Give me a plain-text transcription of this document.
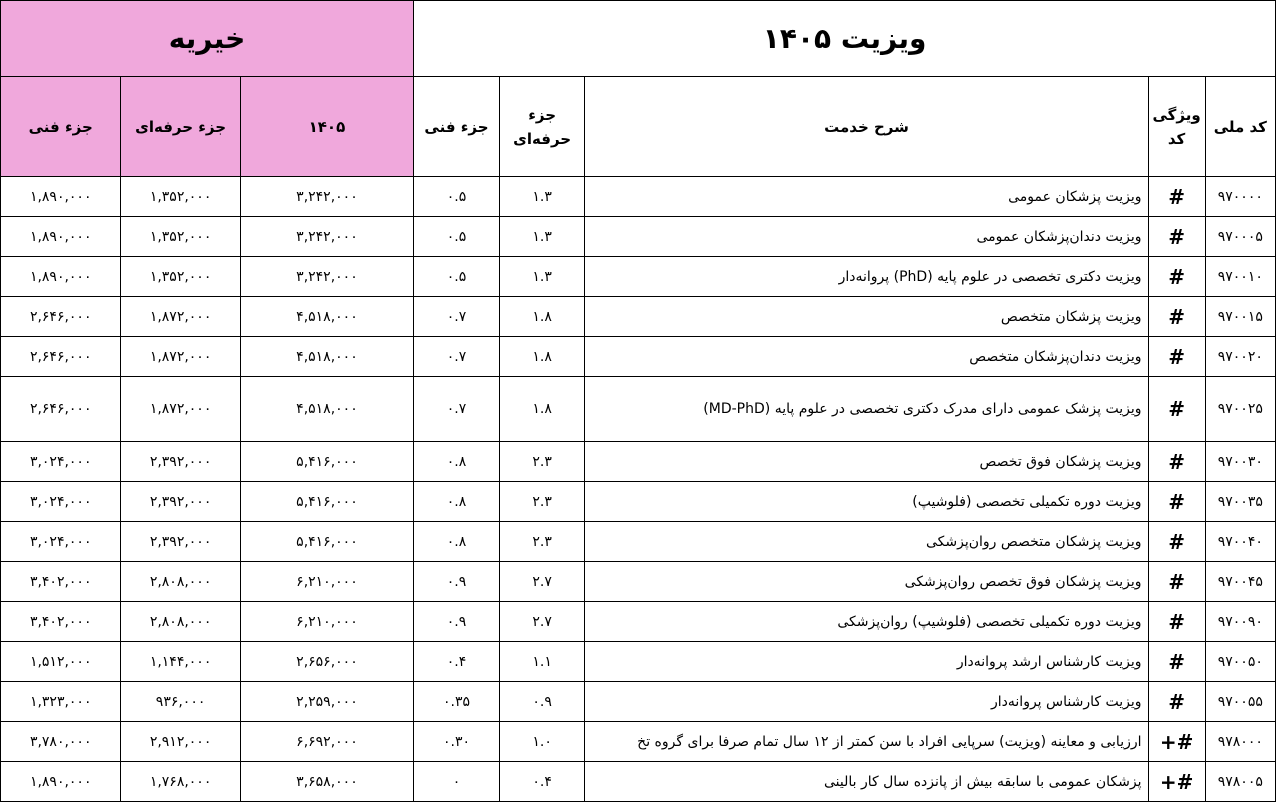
ویزیت ۱۴۰۵					خیریه		
کد ملی	ویژگی کد	شرح خدمت	جزء حرفه‌ای	جزء فنی	۱۴۰۵	جزء حرفه‌ای	جزء فنی
۹۷۰۰۰۰	#	ویزیت پزشکان عمومی	۱.۳	۰.۵	۳,۲۴۲,۰۰۰	۱,۳۵۲,۰۰۰	۱,۸۹۰,۰۰۰
۹۷۰۰۰۵	#	ویزیت دندان‌پزشکان عمومی	۱.۳	۰.۵	۳,۲۴۲,۰۰۰	۱,۳۵۲,۰۰۰	۱,۸۹۰,۰۰۰
۹۷۰۰۱۰	#	ویزیت دکتری تخصصی در علوم پایه (PhD) پروانه‌دار	۱.۳	۰.۵	۳,۲۴۲,۰۰۰	۱,۳۵۲,۰۰۰	۱,۸۹۰,۰۰۰
۹۷۰۰۱۵	#	ویزیت پزشکان متخصص	۱.۸	۰.۷	۴,۵۱۸,۰۰۰	۱,۸۷۲,۰۰۰	۲,۶۴۶,۰۰۰
۹۷۰۰۲۰	#	ویزیت دندان‌پزشکان متخصص	۱.۸	۰.۷	۴,۵۱۸,۰۰۰	۱,۸۷۲,۰۰۰	۲,۶۴۶,۰۰۰
۹۷۰۰۲۵	#	ویزیت پزشک عمومی دارای مدرک دکتری تخصصی در علوم پایه (MD-PhD)	۱.۸	۰.۷	۴,۵۱۸,۰۰۰	۱,۸۷۲,۰۰۰	۲,۶۴۶,۰۰۰
۹۷۰۰۳۰	#	ویزیت پزشکان فوق تخصص	۲.۳	۰.۸	۵,۴۱۶,۰۰۰	۲,۳۹۲,۰۰۰	۳,۰۲۴,۰۰۰
۹۷۰۰۳۵	#	ویزیت دوره تکمیلی تخصصی (فلوشیپ)	۲.۳	۰.۸	۵,۴۱۶,۰۰۰	۲,۳۹۲,۰۰۰	۳,۰۲۴,۰۰۰
۹۷۰۰۴۰	#	ویزیت پزشکان متخصص روان‌پزشکی	۲.۳	۰.۸	۵,۴۱۶,۰۰۰	۲,۳۹۲,۰۰۰	۳,۰۲۴,۰۰۰
۹۷۰۰۴۵	#	ویزیت پزشکان فوق تخصص روان‌پزشکی	۲.۷	۰.۹	۶,۲۱۰,۰۰۰	۲,۸۰۸,۰۰۰	۳,۴۰۲,۰۰۰
۹۷۰۰۹۰	#	ویزیت دوره تکمیلی تخصصی (فلوشیپ) روان‌پزشکی	۲.۷	۰.۹	۶,۲۱۰,۰۰۰	۲,۸۰۸,۰۰۰	۳,۴۰۲,۰۰۰
۹۷۰۰۵۰	#	ویزیت کارشناس ارشد پروانه‌دار	۱.۱	۰.۴	۲,۶۵۶,۰۰۰	۱,۱۴۴,۰۰۰	۱,۵۱۲,۰۰۰
۹۷۰۰۵۵	#	ویزیت کارشناس پروانه‌دار	۰.۹	۰.۳۵	۲,۲۵۹,۰۰۰	۹۳۶,۰۰۰	۱,۳۲۳,۰۰۰
۹۷۸۰۰۰	#+	ارزیابی و معاینه (ویزیت) سرپایی افراد با سن کمتر از ۱۲ سال تمام صرفا برای گروه تخ	۱.۰	۰.۳۰	۶,۶۹۲,۰۰۰	۲,۹۱۲,۰۰۰	۳,۷۸۰,۰۰۰
۹۷۸۰۰۵	#+	پزشکان عمومی با سابقه بیش از پانزده سال کار بالینی	۰.۴	۰	۳,۶۵۸,۰۰۰	۱,۷۶۸,۰۰۰	۱,۸۹۰,۰۰۰
